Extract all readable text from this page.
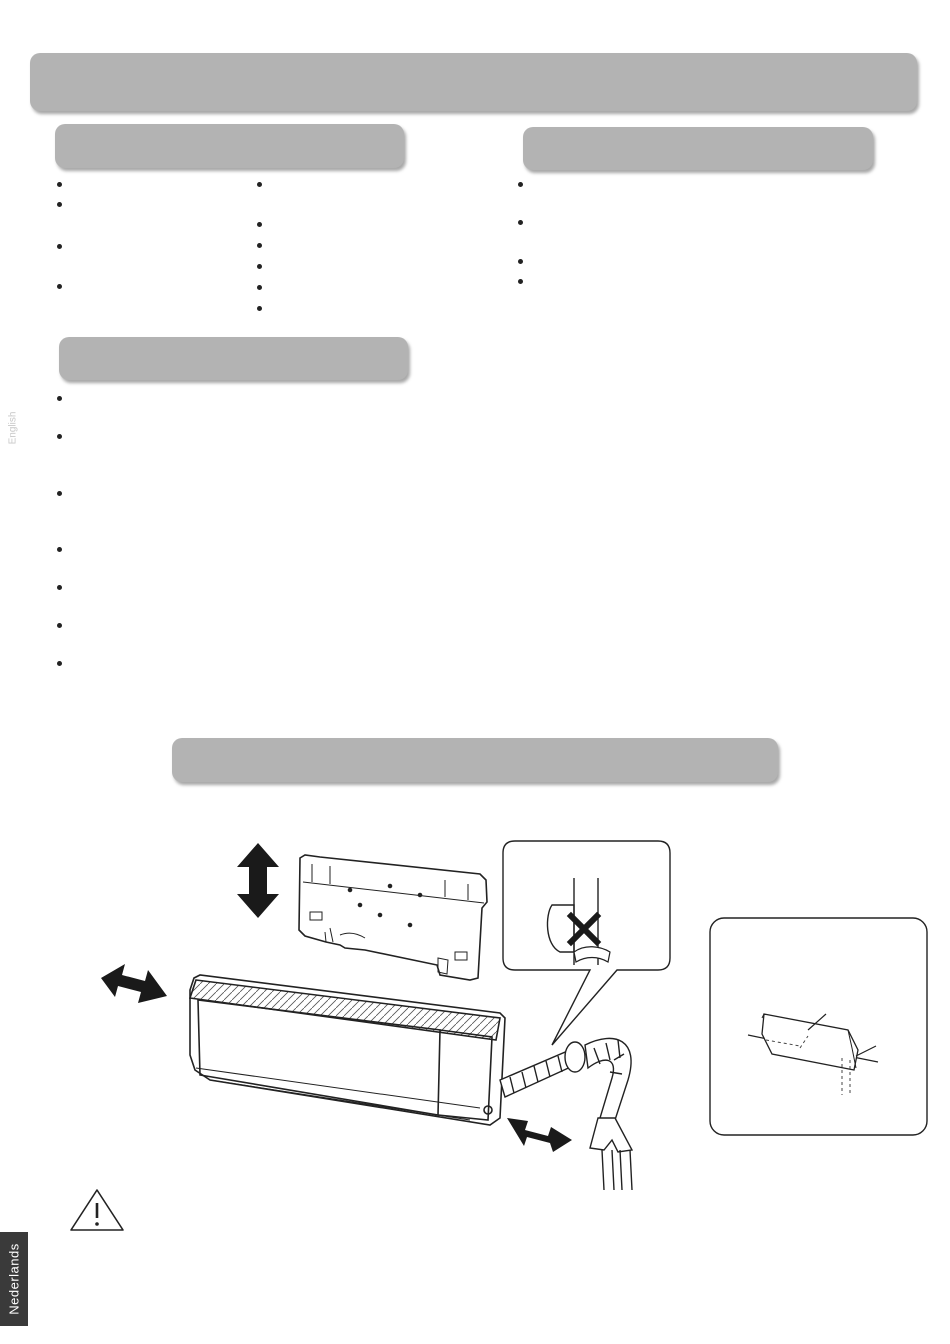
English
Nederlands
